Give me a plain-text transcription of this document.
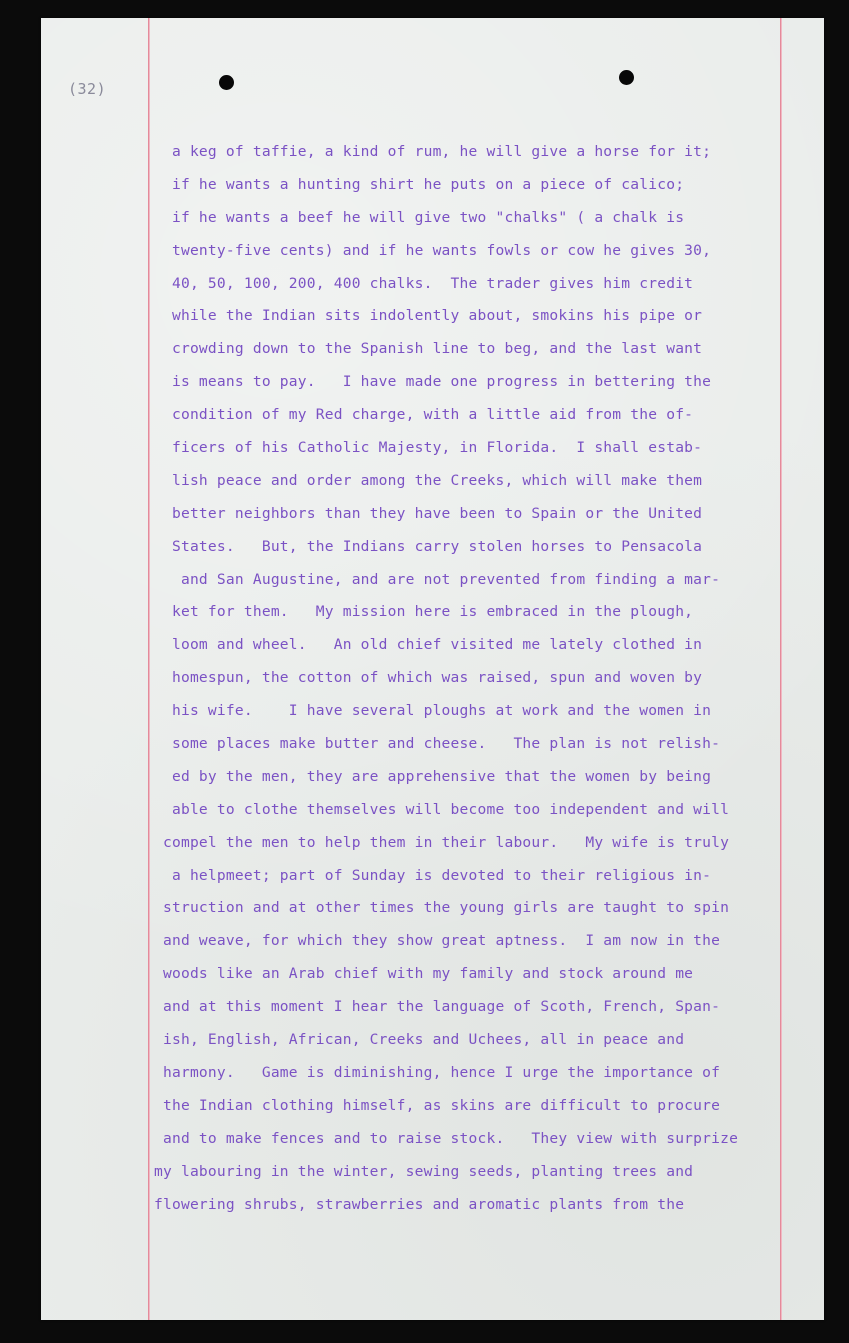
(32)
a keg of taffie, a kind of rum, he will give a horse for it;
if he wants a hunting shirt he puts on a piece of calico;
if he wants a beef he will give two "chalks" ( a chalk is
twenty-five cents) and if he wants fowls or cow he gives 30,
40, 50, 100, 200, 400 chalks.  The trader gives him credit
while the Indian sits indolently about, smokins his pipe or
crowding down to the Spanish line to beg, and the last want
is means to pay.   I have made one progress in bettering the
condition of my Red charge, with a little aid from the of-
ficers of his Catholic Majesty, in Florida.  I shall estab-
lish peace and order among the Creeks, which will make them
better neighbors than they have been to Spain or the United
States.   But, the Indians carry stolen horses to Pensacola
and San Augustine, and are not prevented from finding a mar-
ket for them.   My mission here is embraced in the plough,
loom and wheel.   An old chief visited me lately clothed in
homespun, the cotton of which was raised, spun and woven by
his wife.    I have several ploughs at work and the women in
some places make butter and cheese.   The plan is not relish-
ed by the men, they are apprehensive that the women by being
able to clothe themselves will become too independent and will
compel the men to help them in their labour.   My wife is truly
a helpmeet; part of Sunday is devoted to their religious in-
struction and at other times the young girls are taught to spin
and weave, for which they show great aptness.  I am now in the
woods like an Arab chief with my family and stock around me
and at this moment I hear the language of Scoth, French, Span-
ish, English, African, Creeks and Uchees, all in peace and
harmony.   Game is diminishing, hence I urge the importance of
the Indian clothing himself, as skins are difficult to procure
and to make fences and to raise stock.   They view with surprize
my labouring in the winter, sewing seeds, planting trees and
flowering shrubs, strawberries and aromatic plants from the
